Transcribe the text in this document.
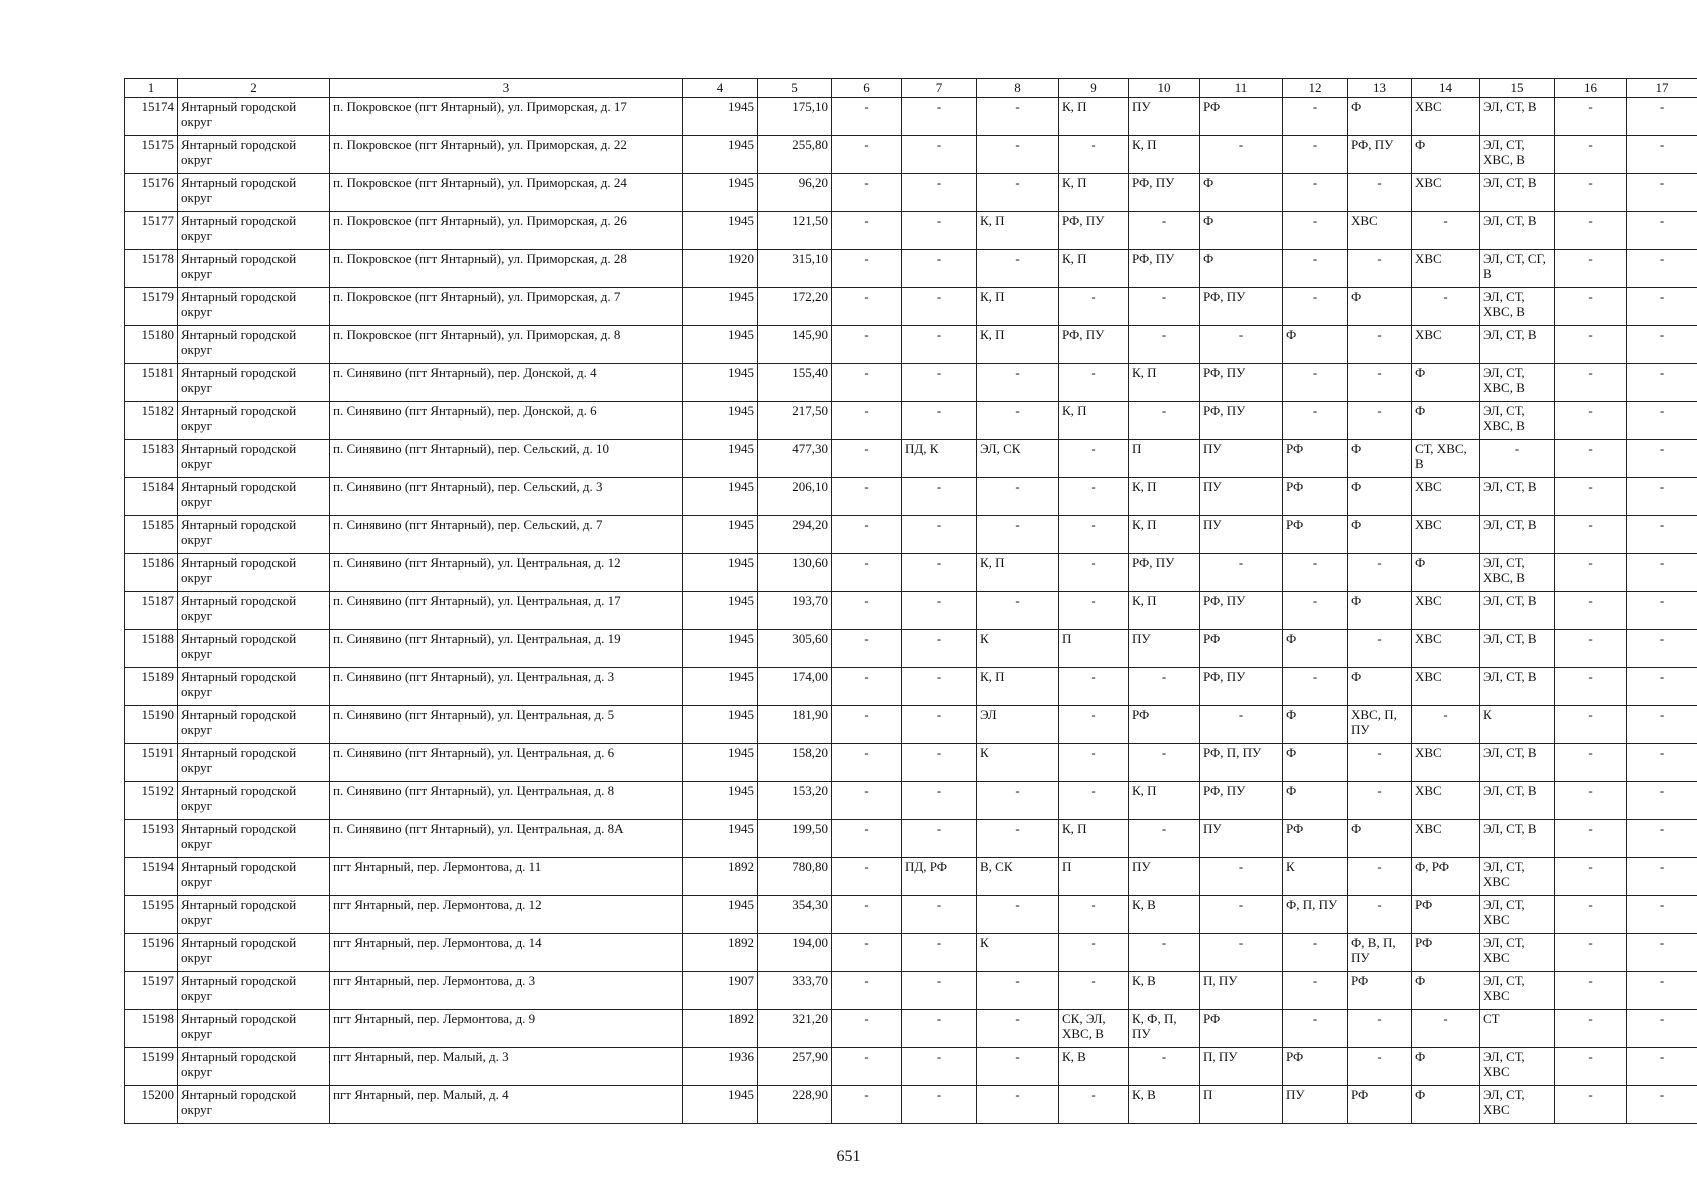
1	2	3	4	5	6	7	8	9	10	11	12	13	14	15	16	17
15174	Янтарный городской округ	п. Покровское (пгт Янтарный), ул. Приморская, д. 17	1945	175,10	-	-	-	К, П	ПУ	РФ	-	Ф	ХВС	ЭЛ, СТ, В	-	-
15175	Янтарный городской округ	п. Покровское (пгт Янтарный), ул. Приморская, д. 22	1945	255,80	-	-	-	-	К, П	-	-	РФ, ПУ	Ф	ЭЛ, СТ, ХВС, В	-	-
15176	Янтарный городской округ	п. Покровское (пгт Янтарный), ул. Приморская, д. 24	1945	96,20	-	-	-	К, П	РФ, ПУ	Ф	-	-	ХВС	ЭЛ, СТ, В	-	-
15177	Янтарный городской округ	п. Покровское (пгт Янтарный), ул. Приморская, д. 26	1945	121,50	-	-	К, П	РФ, ПУ	-	Ф	-	ХВС	-	ЭЛ, СТ, В	-	-
15178	Янтарный городской округ	п. Покровское (пгт Янтарный), ул. Приморская, д. 28	1920	315,10	-	-	-	К, П	РФ, ПУ	Ф	-	-	ХВС	ЭЛ, СТ, СГ, В	-	-
15179	Янтарный городской округ	п. Покровское (пгт Янтарный), ул. Приморская, д. 7	1945	172,20	-	-	К, П	-	-	РФ, ПУ	-	Ф	-	ЭЛ, СТ, ХВС, В	-	-
15180	Янтарный городской округ	п. Покровское (пгт Янтарный), ул. Приморская, д. 8	1945	145,90	-	-	К, П	РФ, ПУ	-	-	Ф	-	ХВС	ЭЛ, СТ, В	-	-
15181	Янтарный городской округ	п. Синявино (пгт Янтарный), пер. Донской, д. 4	1945	155,40	-	-	-	-	К, П	РФ, ПУ	-	-	Ф	ЭЛ, СТ, ХВС, В	-	-
15182	Янтарный городской округ	п. Синявино (пгт Янтарный), пер. Донской, д. 6	1945	217,50	-	-	-	К, П	-	РФ, ПУ	-	-	Ф	ЭЛ, СТ, ХВС, В	-	-
15183	Янтарный городской округ	п. Синявино (пгт Янтарный), пер. Сельский, д. 10	1945	477,30	-	ПД, К	ЭЛ, СК	-	П	ПУ	РФ	Ф	СТ, ХВС, В	-	-	-
15184	Янтарный городской округ	п. Синявино (пгт Янтарный), пер. Сельский, д. 3	1945	206,10	-	-	-	-	К, П	ПУ	РФ	Ф	ХВС	ЭЛ, СТ, В	-	-
15185	Янтарный городской округ	п. Синявино (пгт Янтарный), пер. Сельский, д. 7	1945	294,20	-	-	-	-	К, П	ПУ	РФ	Ф	ХВС	ЭЛ, СТ, В	-	-
15186	Янтарный городской округ	п. Синявино (пгт Янтарный), ул. Центральная, д. 12	1945	130,60	-	-	К, П	-	РФ, ПУ	-	-	-	Ф	ЭЛ, СТ, ХВС, В	-	-
15187	Янтарный городской округ	п. Синявино (пгт Янтарный), ул. Центральная, д. 17	1945	193,70	-	-	-	-	К, П	РФ, ПУ	-	Ф	ХВС	ЭЛ, СТ, В	-	-
15188	Янтарный городской округ	п. Синявино (пгт Янтарный), ул. Центральная, д. 19	1945	305,60	-	-	К	П	ПУ	РФ	Ф	-	ХВС	ЭЛ, СТ, В	-	-
15189	Янтарный городской округ	п. Синявино (пгт Янтарный), ул. Центральная, д. 3	1945	174,00	-	-	К, П	-	-	РФ, ПУ	-	Ф	ХВС	ЭЛ, СТ, В	-	-
15190	Янтарный городской округ	п. Синявино (пгт Янтарный), ул. Центральная, д. 5	1945	181,90	-	-	ЭЛ	-	РФ	-	Ф	ХВС, П, ПУ	-	К	-	-
15191	Янтарный городской округ	п. Синявино (пгт Янтарный), ул. Центральная, д. 6	1945	158,20	-	-	К	-	-	РФ, П, ПУ	Ф	-	ХВС	ЭЛ, СТ, В	-	-
15192	Янтарный городской округ	п. Синявино (пгт Янтарный), ул. Центральная, д. 8	1945	153,20	-	-	-	-	К, П	РФ, ПУ	Ф	-	ХВС	ЭЛ, СТ, В	-	-
15193	Янтарный городской округ	п. Синявино (пгт Янтарный), ул. Центральная, д. 8А	1945	199,50	-	-	-	К, П	-	ПУ	РФ	Ф	ХВС	ЭЛ, СТ, В	-	-
15194	Янтарный городской округ	пгт Янтарный, пер. Лермонтова, д. 11	1892	780,80	-	ПД, РФ	В, СК	П	ПУ	-	К	-	Ф, РФ	ЭЛ, СТ, ХВС	-	-
15195	Янтарный городской округ	пгт Янтарный, пер. Лермонтова, д. 12	1945	354,30	-	-	-	-	К, В	-	Ф, П, ПУ	-	РФ	ЭЛ, СТ, ХВС	-	-
15196	Янтарный городской округ	пгт Янтарный, пер. Лермонтова, д. 14	1892	194,00	-	-	К	-	-	-	-	Ф, В, П, ПУ	РФ	ЭЛ, СТ, ХВС	-	-
15197	Янтарный городской округ	пгт Янтарный, пер. Лермонтова, д. 3	1907	333,70	-	-	-	-	К, В	П, ПУ	-	РФ	Ф	ЭЛ, СТ, ХВС	-	-
15198	Янтарный городской округ	пгт Янтарный, пер. Лермонтова, д. 9	1892	321,20	-	-	-	СК, ЭЛ, ХВС, В	К, Ф, П, ПУ	РФ	-	-	-	СТ	-	-
15199	Янтарный городской округ	пгт Янтарный, пер. Малый, д. 3	1936	257,90	-	-	-	К, В	-	П, ПУ	РФ	-	Ф	ЭЛ, СТ, ХВС	-	-
15200	Янтарный городской округ	пгт Янтарный, пер. Малый, д. 4	1945	228,90	-	-	-	-	К, В	П	ПУ	РФ	Ф	ЭЛ, СТ, ХВС	-	-
651
